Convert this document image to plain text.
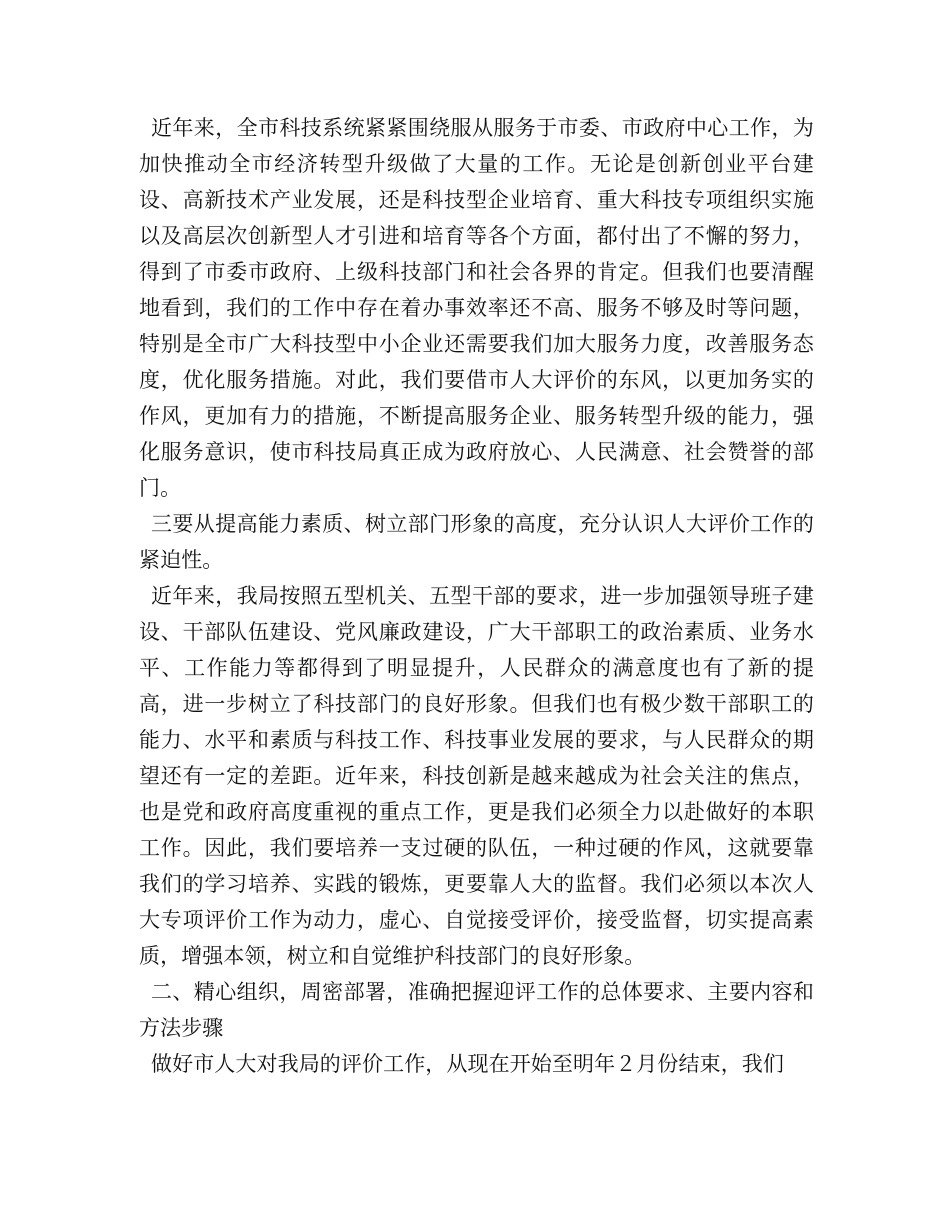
近年来，全市科技系统紧紧围绕服从服务于市委、市政府中心工作，为加快推动全市经济转型升级做了大量的工作。无论是创新创业平台建设、高新技术产业发展，还是科技型企业培育、重大科技专项组织实施以及高层次创新型人才引进和培育等各个方面，都付出了不懈的努力，得到了市委市政府、上级科技部门和社会各界的肯定。但我们也要清醒地看到，我们的工作中存在着办事效率还不高、服务不够及时等问题，特别是全市广大科技型中小企业还需要我们加大服务力度，改善服务态度，优化服务措施。对此，我们要借市人大评价的东风，以更加务实的作风，更加有力的措施，不断提高服务企业、服务转型升级的能力，强化服务意识，使市科技局真正成为政府放心、人民满意、社会赞誉的部门。

三要从提高能力素质、树立部门形象的高度，充分认识人大评价工作的紧迫性。

近年来，我局按照五型机关、五型干部的要求，进一步加强领导班子建设、干部队伍建设、党风廉政建设，广大干部职工的政治素质、业务水平、工作能力等都得到了明显提升，人民群众的满意度也有了新的提高，进一步树立了科技部门的良好形象。但我们也有极少数干部职工的能力、水平和素质与科技工作、科技事业发展的要求，与人民群众的期望还有一定的差距。近年来，科技创新是越来越成为社会关注的焦点，也是党和政府高度重视的重点工作，更是我们必须全力以赴做好的本职工作。因此，我们要培养一支过硬的队伍，一种过硬的作风，这就要靠我们的学习培养、实践的锻炼，更要靠人大的监督。我们必须以本次人大专项评价工作为动力，虚心、自觉接受评价，接受监督，切实提高素质，增强本领，树立和自觉维护科技部门的良好形象。

二、精心组织，周密部署，准确把握迎评工作的总体要求、主要内容和方法步骤

做好市人大对我局的评价工作，从现在开始至明年２月份结束，我们
